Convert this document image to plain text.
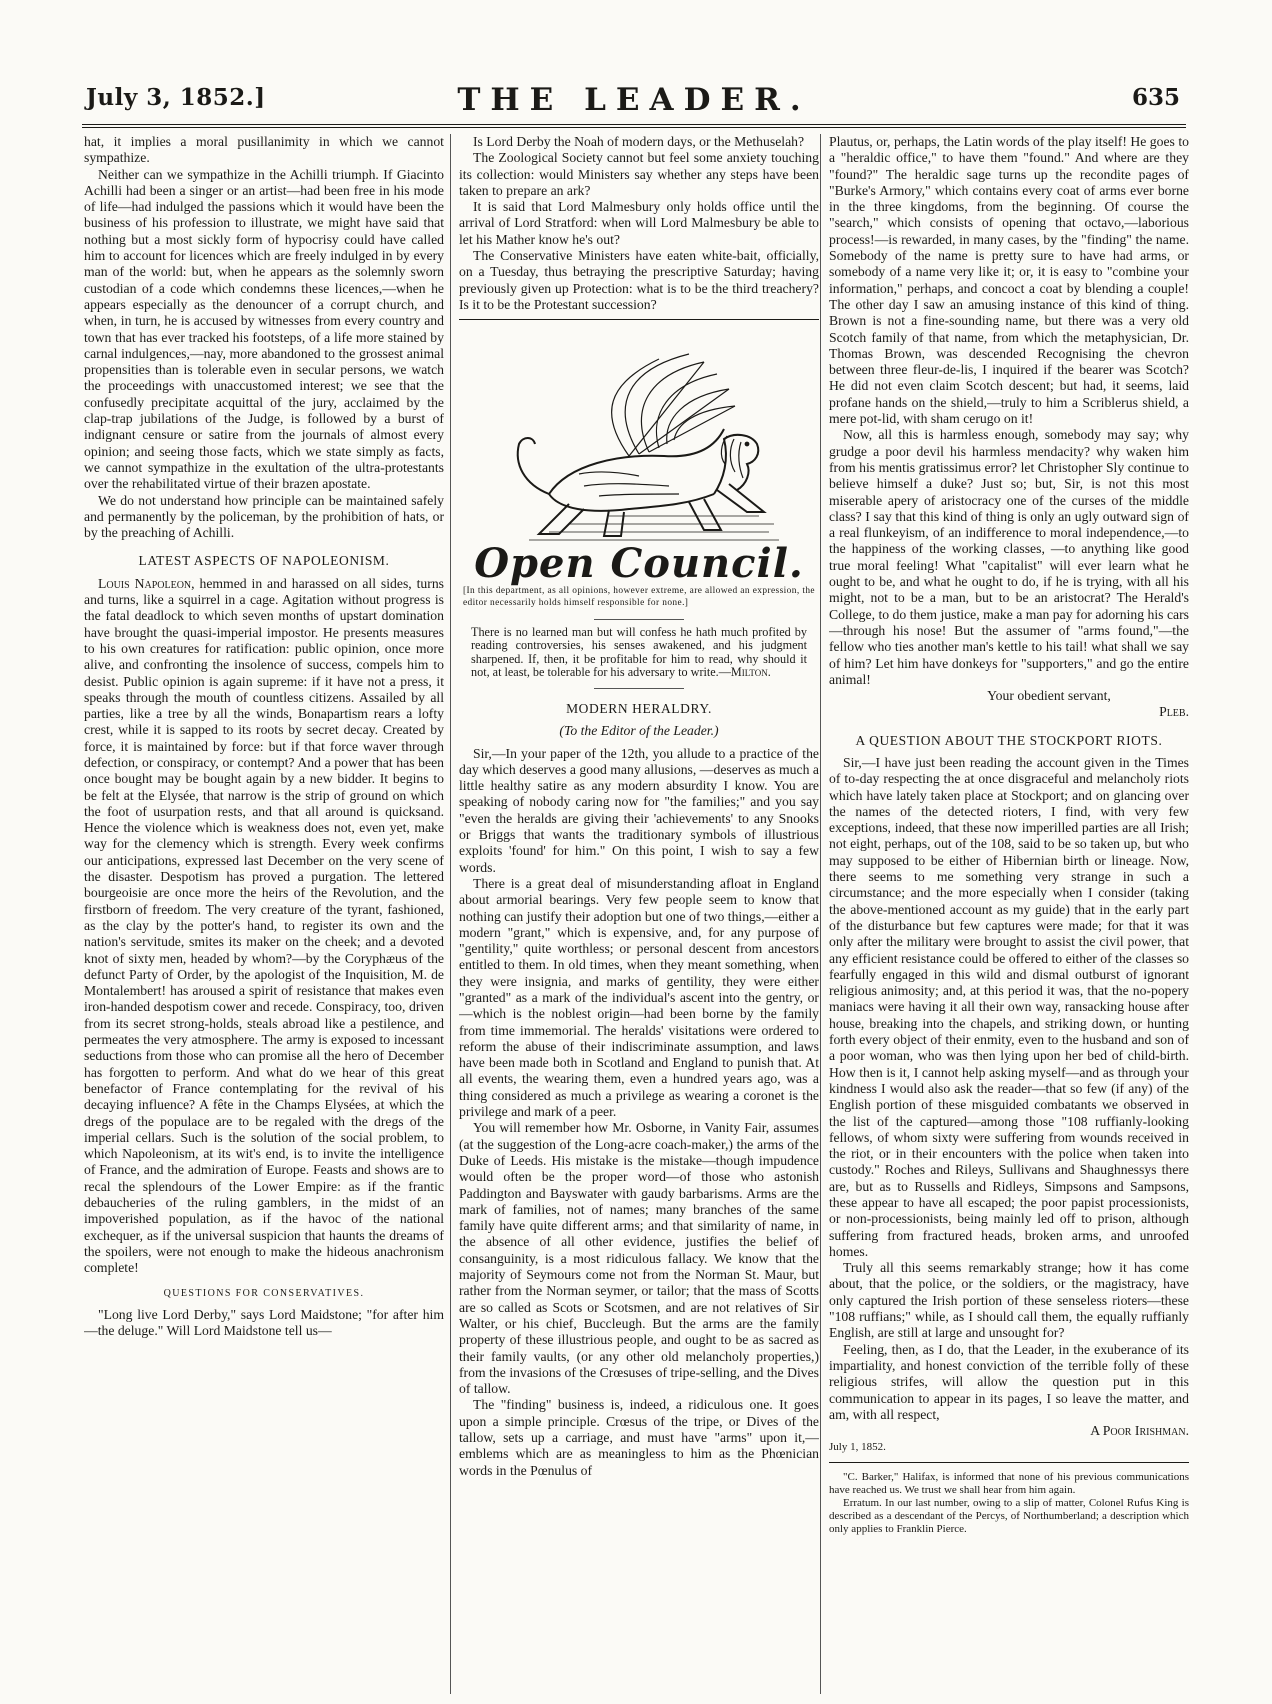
July 3, 1852.]	THE LEADER.	635

hat, it implies a moral pusillanimity in which we cannot sympathize.

Neither can we sympathize in the Achilli triumph. If Giacinto Achilli had been a singer or an artist—had been free in his mode of life—had indulged the passions which it would have been the business of his profession to illustrate, we might have said that nothing but a most sickly form of hypocrisy could have called him to account for licences which are freely indulged in by every man of the world: but, when he appears as the solemnly sworn custodian of a code which condemns these licences,—when he appears especially as the denouncer of a corrupt church, and when, in turn, he is accused by witnesses from every country and town that has ever tracked his footsteps, of a life more stained by carnal indulgences,—nay, more abandoned to the grossest animal propensities than is tolerable even in secular persons, we watch the proceedings with unaccustomed interest; we see that the confusedly precipitate acquittal of the jury, acclaimed by the clap-trap jubilations of the Judge, is followed by a burst of indignant censure or satire from the journals of almost every opinion; and seeing those facts, which we state simply as facts, we cannot sympathize in the exultation of the ultra-protestants over the rehabilitated virtue of their brazen apostate.

We do not understand how principle can be maintained safely and permanently by the policeman, by the prohibition of hats, or by the preaching of Achilli.

LATEST ASPECTS OF NAPOLEONISM.

Louis Napoleon, hemmed in and harassed on all sides, turns and turns, like a squirrel in a cage. Agitation without progress is the fatal deadlock to which seven months of upstart domination have brought the quasi-imperial impostor. He presents measures to his own creatures for ratification: public opinion, once more alive, and confronting the insolence of success, compels him to desist. Public opinion is again supreme: if it have not a press, it speaks through the mouth of countless citizens. Assailed by all parties, like a tree by all the winds, Bonapartism rears a lofty crest, while it is sapped to its roots by secret decay. Created by force, it is maintained by force: but if that force waver through defection, or conspiracy, or contempt? And a power that has been once bought may be bought again by a new bidder. It begins to be felt at the Elysée, that narrow is the strip of ground on which the foot of usurpation rests, and that all around is quicksand. Hence the violence which is weakness does not, even yet, make way for the clemency which is strength. Every week confirms our anticipations, expressed last December on the very scene of the disaster. Despotism has proved a purgation. The lettered bourgeoisie are once more the heirs of the Revolution, and the firstborn of freedom. The very creature of the tyrant, fashioned, as the clay by the potter's hand, to register its own and the nation's servitude, smites its maker on the cheek; and a devoted knot of sixty men, headed by whom?—by the Coryphæus of the defunct Party of Order, by the apologist of the Inquisition, M. de Montalembert! has aroused a spirit of resistance that makes even iron-handed despotism cower and recede. Conspiracy, too, driven from its secret strong-holds, steals abroad like a pestilence, and permeates the very atmosphere. The army is exposed to incessant seductions from those who can promise all the hero of December has forgotten to perform. And what do we hear of this great benefactor of France contemplating for the revival of his decaying influence? A fête in the Champs Elysées, at which the dregs of the populace are to be regaled with the dregs of the imperial cellars. Such is the solution of the social problem, to which Napoleonism, at its wit's end, is to invite the intelligence of France, and the admiration of Europe. Feasts and shows are to recal the splendours of the Lower Empire: as if the frantic debaucheries of the ruling gamblers, in the midst of an impoverished population, as if the havoc of the national exchequer, as if the universal suspicion that haunts the dreams of the spoilers, were not enough to make the hideous anachronism complete!

QUESTIONS FOR CONSERVATIVES.

"Long live Lord Derby," says Lord Maidstone; "for after him—the deluge." Will Lord Maidstone tell us—

Is Lord Derby the Noah of modern days, or the Methuselah?

The Zoological Society cannot but feel some anxiety touching its collection: would Ministers say whether any steps have been taken to prepare an ark?

It is said that Lord Malmesbury only holds office until the arrival of Lord Stratford: when will Lord Malmesbury be able to let his Mather know he's out?

The Conservative Ministers have eaten white-bait, officially, on a Tuesday, thus betraying the prescriptive Saturday; having previously given up Protection: what is to be the third treachery? Is it to be the Protestant succession?

Open Council.
[In this department, as all opinions, however extreme, are allowed an expression, the editor necessarily holds himself responsible for none.]
There is no learned man but will confess he hath much profited by reading controversies, his senses awakened, and his judgment sharpened. If, then, it be profitable for him to read, why should it not, at least, be tolerable for his adversary to write.—Milton.
MODERN HERALDRY.
(To the Editor of the Leader.)

Sir,—In your paper of the 12th, you allude to a practice of the day which deserves a good many allusions, —deserves as much a little healthy satire as any modern absurdity I know. You are speaking of nobody caring now for "the families;" and you say "even the heralds are giving their 'achievements' to any Snooks or Briggs that wants the traditionary symbols of illustrious exploits 'found' for him." On this point, I wish to say a few words.

There is a great deal of misunderstanding afloat in England about armorial bearings. Very few people seem to know that nothing can justify their adoption but one of two things,—either a modern "grant," which is expensive, and, for any purpose of "gentility," quite worthless; or personal descent from ancestors entitled to them. In old times, when they meant something, when they were insignia, and marks of gentility, they were either "granted" as a mark of the individual's ascent into the gentry, or—which is the noblest origin—had been borne by the family from time immemorial. The heralds' visitations were ordered to reform the abuse of their indiscriminate assumption, and laws have been made both in Scotland and England to punish that. At all events, the wearing them, even a hundred years ago, was a thing considered as much a privilege as wearing a coronet is the privilege and mark of a peer.

You will remember how Mr. Osborne, in Vanity Fair, assumes (at the suggestion of the Long-acre coach-maker,) the arms of the Duke of Leeds. His mistake is the mistake—though impudence would often be the proper word—of those who astonish Paddington and Bayswater with gaudy barbarisms. Arms are the mark of families, not of names; many branches of the same family have quite different arms; and that similarity of name, in the absence of all other evidence, justifies the belief of consanguinity, is a most ridiculous fallacy. We know that the majority of Seymours come not from the Norman St. Maur, but rather from the Norman seymer, or tailor; that the mass of Scotts are so called as Scots or Scotsmen, and are not relatives of Sir Walter, or his chief, Buccleugh. But the arms are the family property of these illustrious people, and ought to be as sacred as their family vaults, (or any other old melancholy properties,) from the invasions of the Crœsuses of tripe-selling, and the Dives of tallow.

The "finding" business is, indeed, a ridiculous one. It goes upon a simple principle. Crœsus of the tripe, or Dives of the tallow, sets up a carriage, and must have "arms" upon it,—emblems which are as meaningless to him as the Phœnician words in the Pœnulus of

Plautus, or, perhaps, the Latin words of the play itself! He goes to a "heraldic office," to have them "found." And where are they "found?" The heraldic sage turns up the recondite pages of "Burke's Armory," which contains every coat of arms ever borne in the three kingdoms, from the beginning. Of course the "search," which consists of opening that octavo,—laborious process!—is rewarded, in many cases, by the "finding" the name. Somebody of the name is pretty sure to have had arms, or somebody of a name very like it; or, it is easy to "combine your information," perhaps, and concoct a coat by blending a couple! The other day I saw an amusing instance of this kind of thing. Brown is not a fine-sounding name, but there was a very old Scotch family of that name, from which the metaphysician, Dr. Thomas Brown, was descended Recognising the chevron between three fleur-de-lis, I inquired if the bearer was Scotch? He did not even claim Scotch descent; but had, it seems, laid profane hands on the shield,—truly to him a Scriblerus shield, a mere pot-lid, with sham cerugo on it!

Now, all this is harmless enough, somebody may say; why grudge a poor devil his harmless mendacity? why waken him from his mentis gratissimus error? let Christopher Sly continue to believe himself a duke? Just so; but, Sir, is not this most miserable apery of aristocracy one of the curses of the middle class? I say that this kind of thing is only an ugly outward sign of a real flunkeyism, of an indifference to moral independence,—to the happiness of the working classes, —to anything like good true moral feeling! What "capitalist" will ever learn what he ought to be, and what he ought to do, if he is trying, with all his might, not to be a man, but to be an aristocrat? The Herald's College, to do them justice, make a man pay for adorning his cars—through his nose! But the assumer of "arms found,"—the fellow who ties another man's kettle to his tail! what shall we say of him? Let him have donkeys for "supporters," and go the entire animal!

Your obedient servant,
Pleb.
A QUESTION ABOUT THE STOCKPORT RIOTS.

Sir,—I have just been reading the account given in the Times of to-day respecting the at once disgraceful and melancholy riots which have lately taken place at Stockport; and on glancing over the names of the detected rioters, I find, with very few exceptions, indeed, that these now imperilled parties are all Irish; not eight, perhaps, out of the 108, said to be so taken up, but who may supposed to be either of Hibernian birth or lineage. Now, there seems to me something very strange in such a circumstance; and the more especially when I consider (taking the above-mentioned account as my guide) that in the early part of the disturbance but few captures were made; for that it was only after the military were brought to assist the civil power, that any efficient resistance could be offered to either of the classes so fearfully engaged in this wild and dismal outburst of ignorant religious animosity; and, at this period it was, that the no-popery maniacs were having it all their own way, ransacking house after house, breaking into the chapels, and striking down, or hunting forth every object of their enmity, even to the husband and son of a poor woman, who was then lying upon her bed of child-birth. How then is it, I cannot help asking myself—and as through your kindness I would also ask the reader—that so few (if any) of the English portion of these misguided combatants we observed in the list of the captured—among those "108 ruffianly-looking fellows, of whom sixty were suffering from wounds received in the riot, or in their encounters with the police when taken into custody." Roches and Rileys, Sullivans and Shaughnessys there are, but as to Russells and Ridleys, Simpsons and Sampsons, these appear to have all escaped; the poor papist processionists, or non-processionists, being mainly led off to prison, although suffering from fractured heads, broken arms, and unroofed homes.

Truly all this seems remarkably strange; how it has come about, that the police, or the soldiers, or the magistracy, have only captured the Irish portion of these senseless rioters—these "108 ruffians;" while, as I should call them, the equally ruffianly English, are still at large and unsought for?

Feeling, then, as I do, that the Leader, in the exuberance of its impartiality, and honest conviction of the terrible folly of these religious strifes, will allow the question put in this communication to appear in its pages, I so leave the matter, and am, with all respect,

A Poor Irishman.
July 1, 1852.

"C. Barker," Halifax, is informed that none of his previous communications have reached us. We trust we shall hear from him again.

Erratum. In our last number, owing to a slip of matter, Colonel Rufus King is described as a descendant of the Percys, of Northumberland; a description which only applies to Franklin Pierce.
